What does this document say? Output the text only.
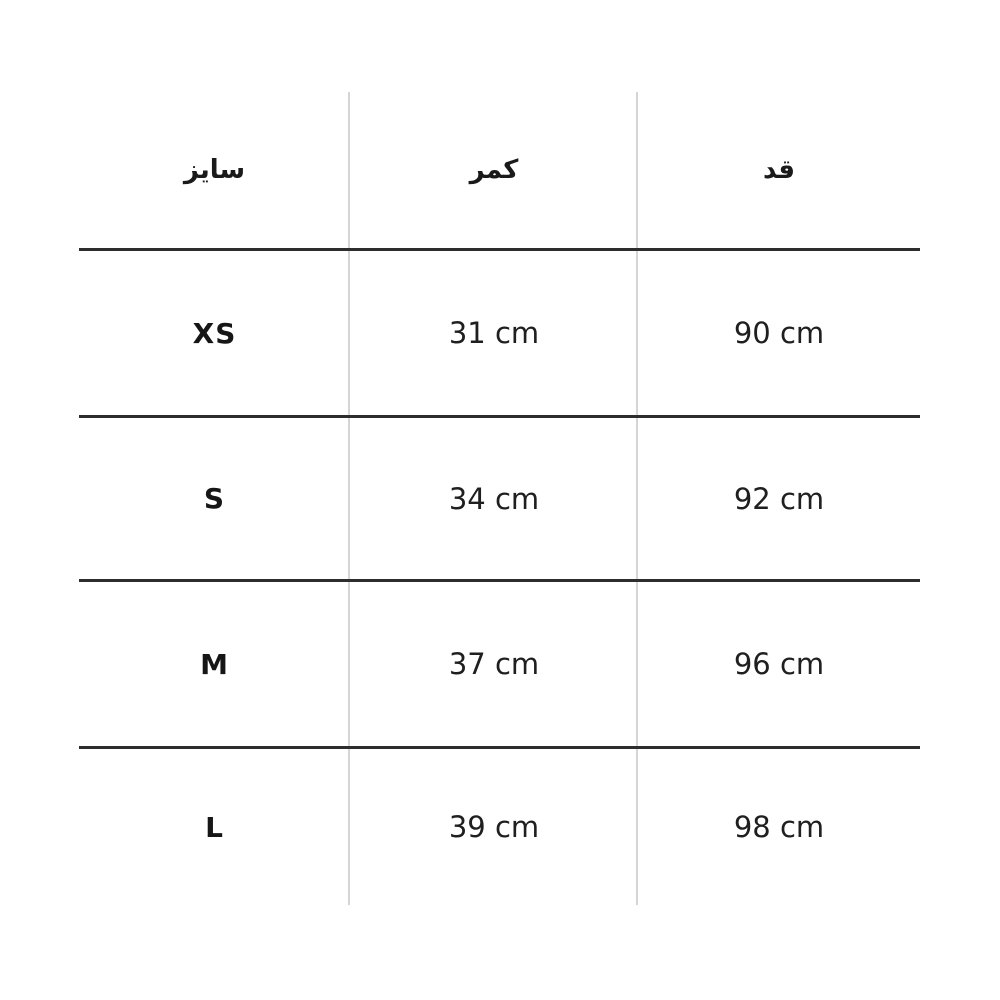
سایز	کمر	قد
XS	31 cm	90 cm
S	34 cm	92 cm
M	37 cm	96 cm
L	39 cm	98 cm
